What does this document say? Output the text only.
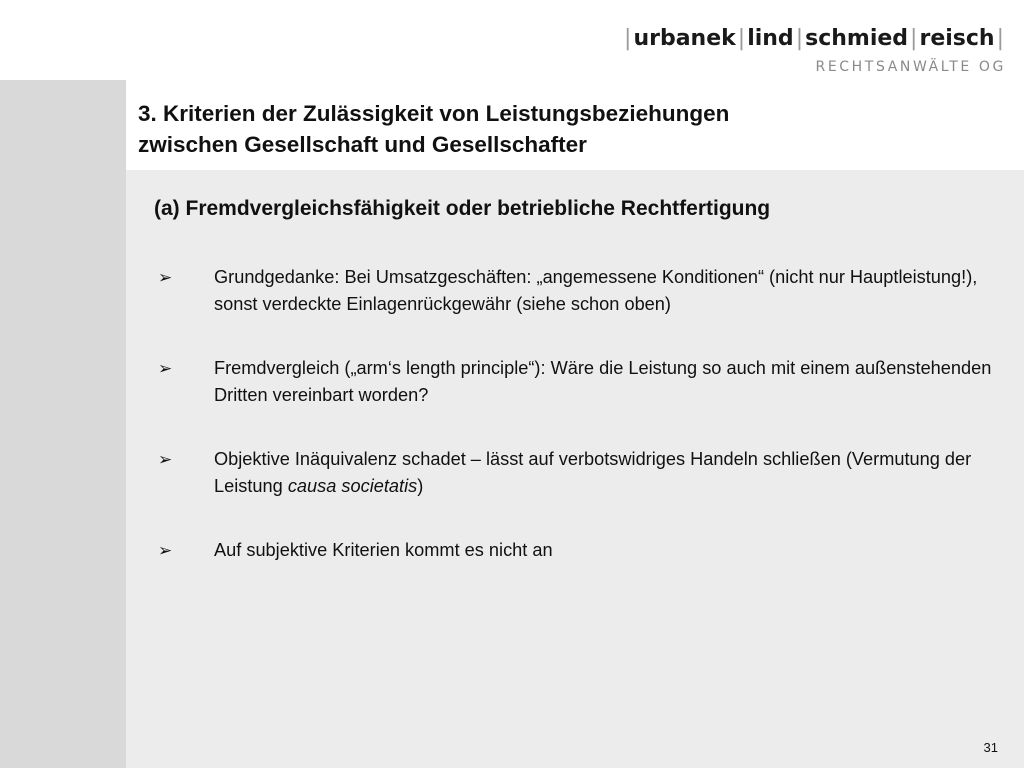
|urbanek|lind|schmied|reisch|
RECHTSANWÄLTE OG
3. Kriterien der Zulässigkeit von Leistungsbeziehungen
zwischen Gesellschaft und Gesellschafter
(a) Fremdvergleichsfähigkeit oder betriebliche Rechtfertigung
➢ Grundgedanke: Bei Umsatzgeschäften: „angemessene Konditionen“ (nicht nur Hauptleistung!), sonst verdeckte Einlagenrückgewähr (siehe schon oben)
➢ Fremdvergleich („arm‘s length principle“): Wäre die Leistung so auch mit einem außenstehenden Dritten vereinbart worden?
➢ Objektive Inäquivalenz schadet – lässt auf verbotswidriges Handeln schließen (Vermutung der Leistung causa societatis)
➢ Auf subjektive Kriterien kommt es nicht an
31
